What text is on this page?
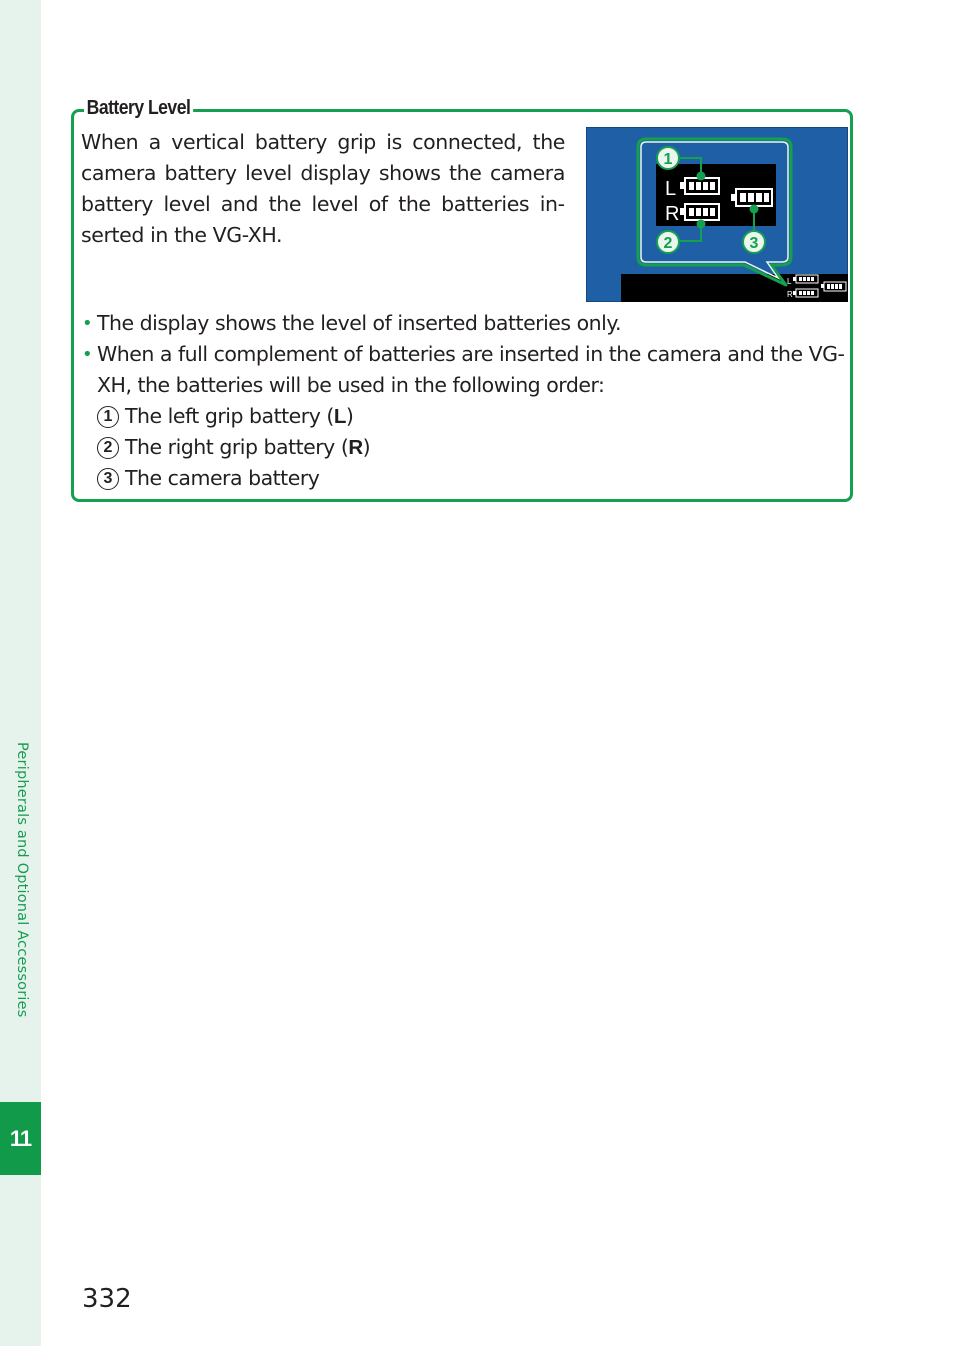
Peripherals and Optional Accessories
11
Battery Level

When a vertical battery grip is connected, the camera battery level display shows the camera battery level and the level of the batteries inserted in the VG-XH.

L
R
1
2	3
L
R
• The display shows the level of inserted batteries only.
• When a full complement of batteries are inserted in the camera and the VG-XH, the batteries will be used in the following order:
1 The left grip battery ( L )
2 The right grip battery ( R )
3 The camera battery
332
